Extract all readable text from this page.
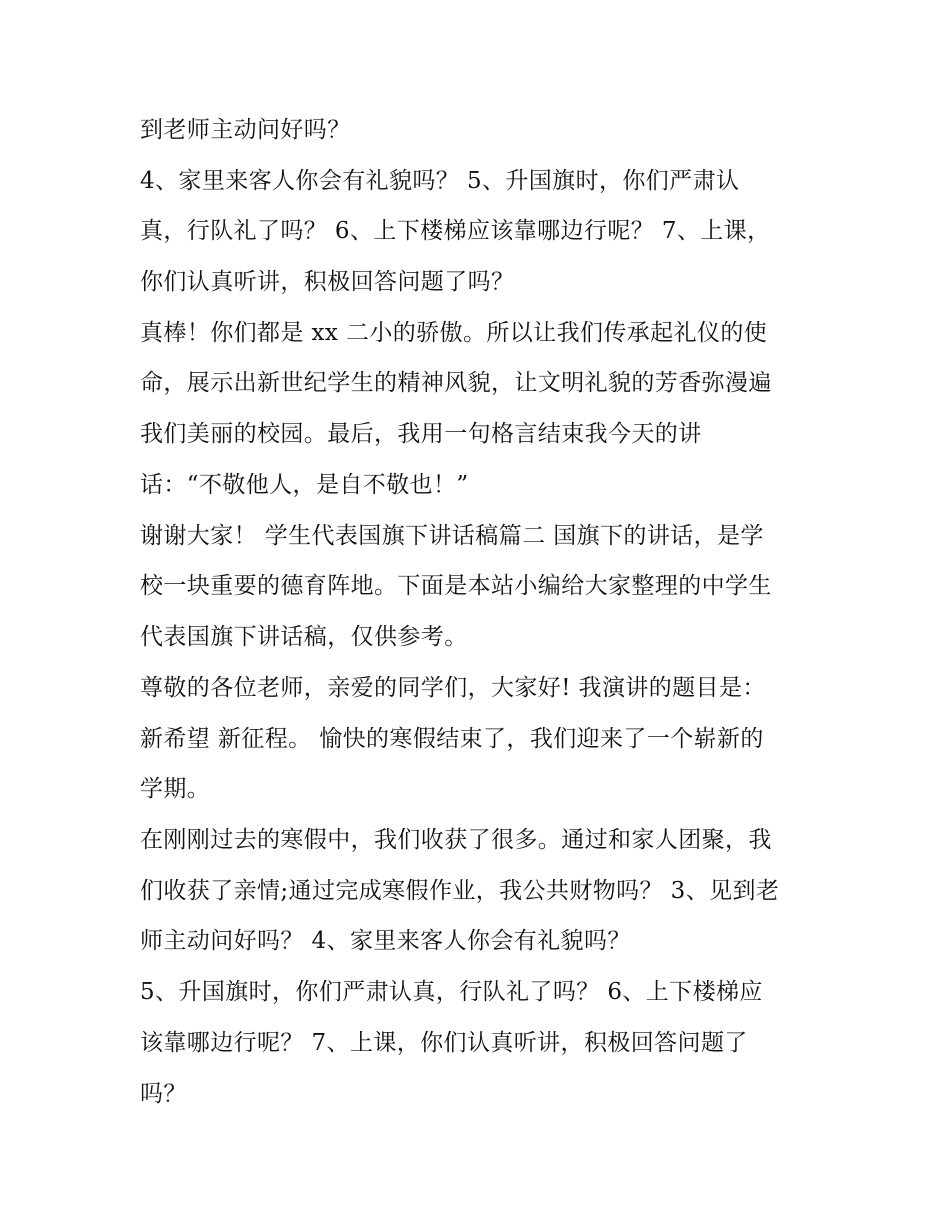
到老师主动问好吗？
4、家里来客人你会有礼貌吗？ 5、升国旗时，你们严肃认
真，行队礼了吗？ 6、上下楼梯应该靠哪边行呢？ 7、上课，
你们认真听讲，积极回答问题了吗？
真棒！你们都是 xx 二小的骄傲。所以让我们传承起礼仪的使
命，展示出新世纪学生的精神风貌，让文明礼貌的芳香弥漫遍
我们美丽的校园。最后，我用一句格言结束我今天的讲
话：“不敬他人，是自不敬也！”
谢谢大家！ 学生代表国旗下讲话稿篇二 国旗下的讲话，是学
校一块重要的德育阵地。下面是本站小编给大家整理的中学生
代表国旗下讲话稿，仅供参考。
尊敬的各位老师，亲爱的同学们，大家好! 我演讲的题目是：
新希望 新征程。 愉快的寒假结束了，我们迎来了一个崭新的
学期。
在刚刚过去的寒假中，我们收获了很多。通过和家人团聚，我
们收获了亲情;通过完成寒假作业，我公共财物吗？ 3、见到老
师主动问好吗？ 4、家里来客人你会有礼貌吗？
5、升国旗时，你们严肃认真，行队礼了吗？ 6、上下楼梯应
该靠哪边行呢？ 7、上课，你们认真听讲，积极回答问题了
吗？
